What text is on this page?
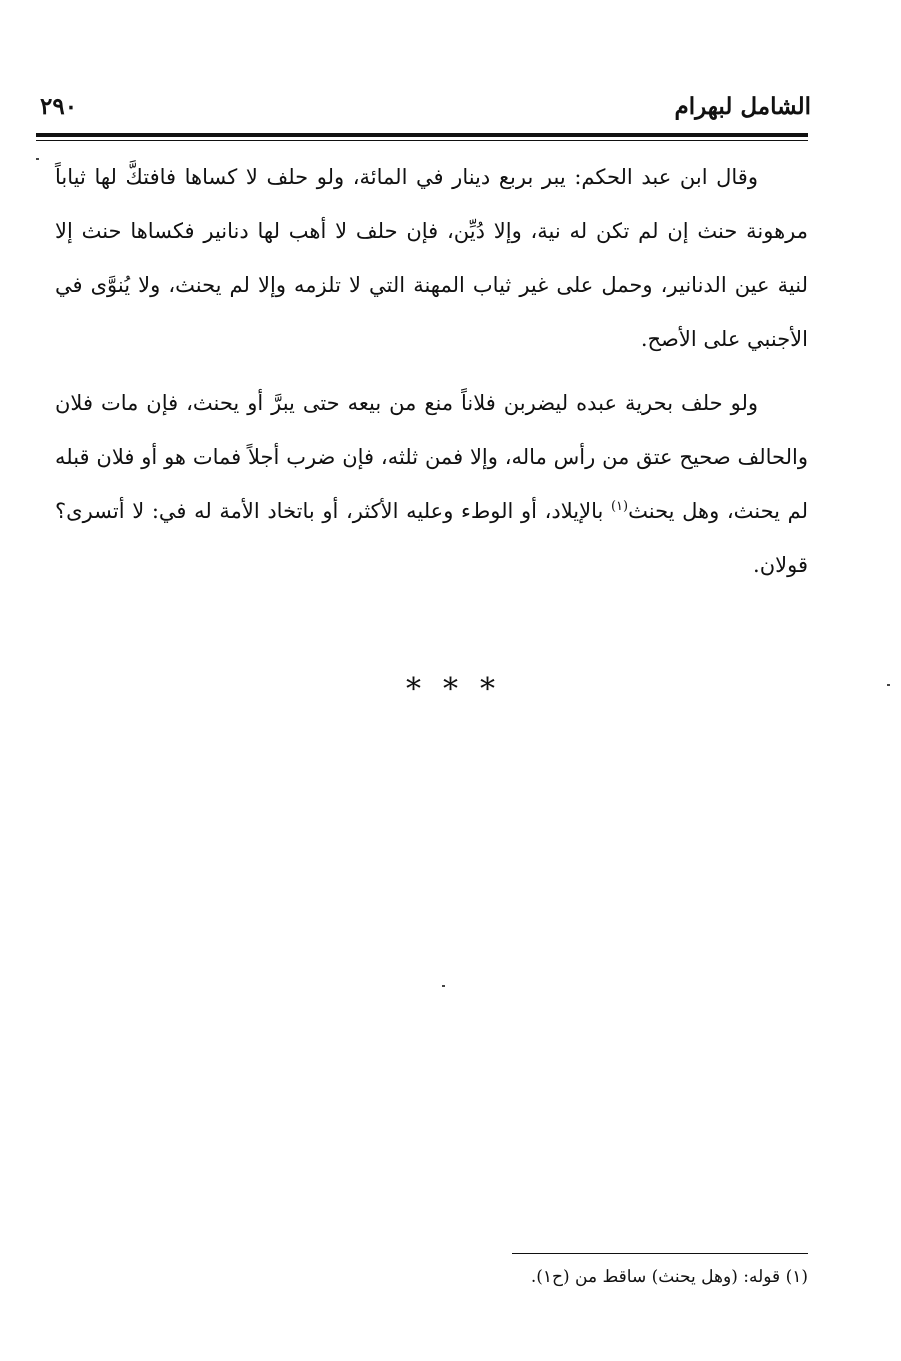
الشامل لبهرام
٢٩٠

وقال ابن عبد الحكم: يبر بربع دينار في المائة، ولو حلف لا كساها فافتكَّ لها ثياباً مرهونة حنث إن لم تكن له نية، وإلا دُيِّن، فإن حلف لا أهب لها دنانير فكساها حنث إلا لنية عين الدنانير، وحمل على غير ثياب المهنة التي لا تلزمه وإلا لم يحنث، ولا يُنوَّى في الأجنبي على الأصح.

ولو حلف بحرية عبده ليضربن فلاناً منع من بيعه حتى يبرَّ أو يحنث، فإن مات فلان والحالف صحيح عتق من رأس ماله، وإلا فمن ثلثه، فإن ضرب أجلاً فمات هو أو فلان قبله لم يحنث، وهل يحنث$^{(١)}$ بالإيلاد، أو الوطء وعليه الأكثر، أو باتخاد الأمة له في: لا أتسرى؟ قولان.

***
(١) قوله: (وهل يحنث) ساقط من (ح١).
